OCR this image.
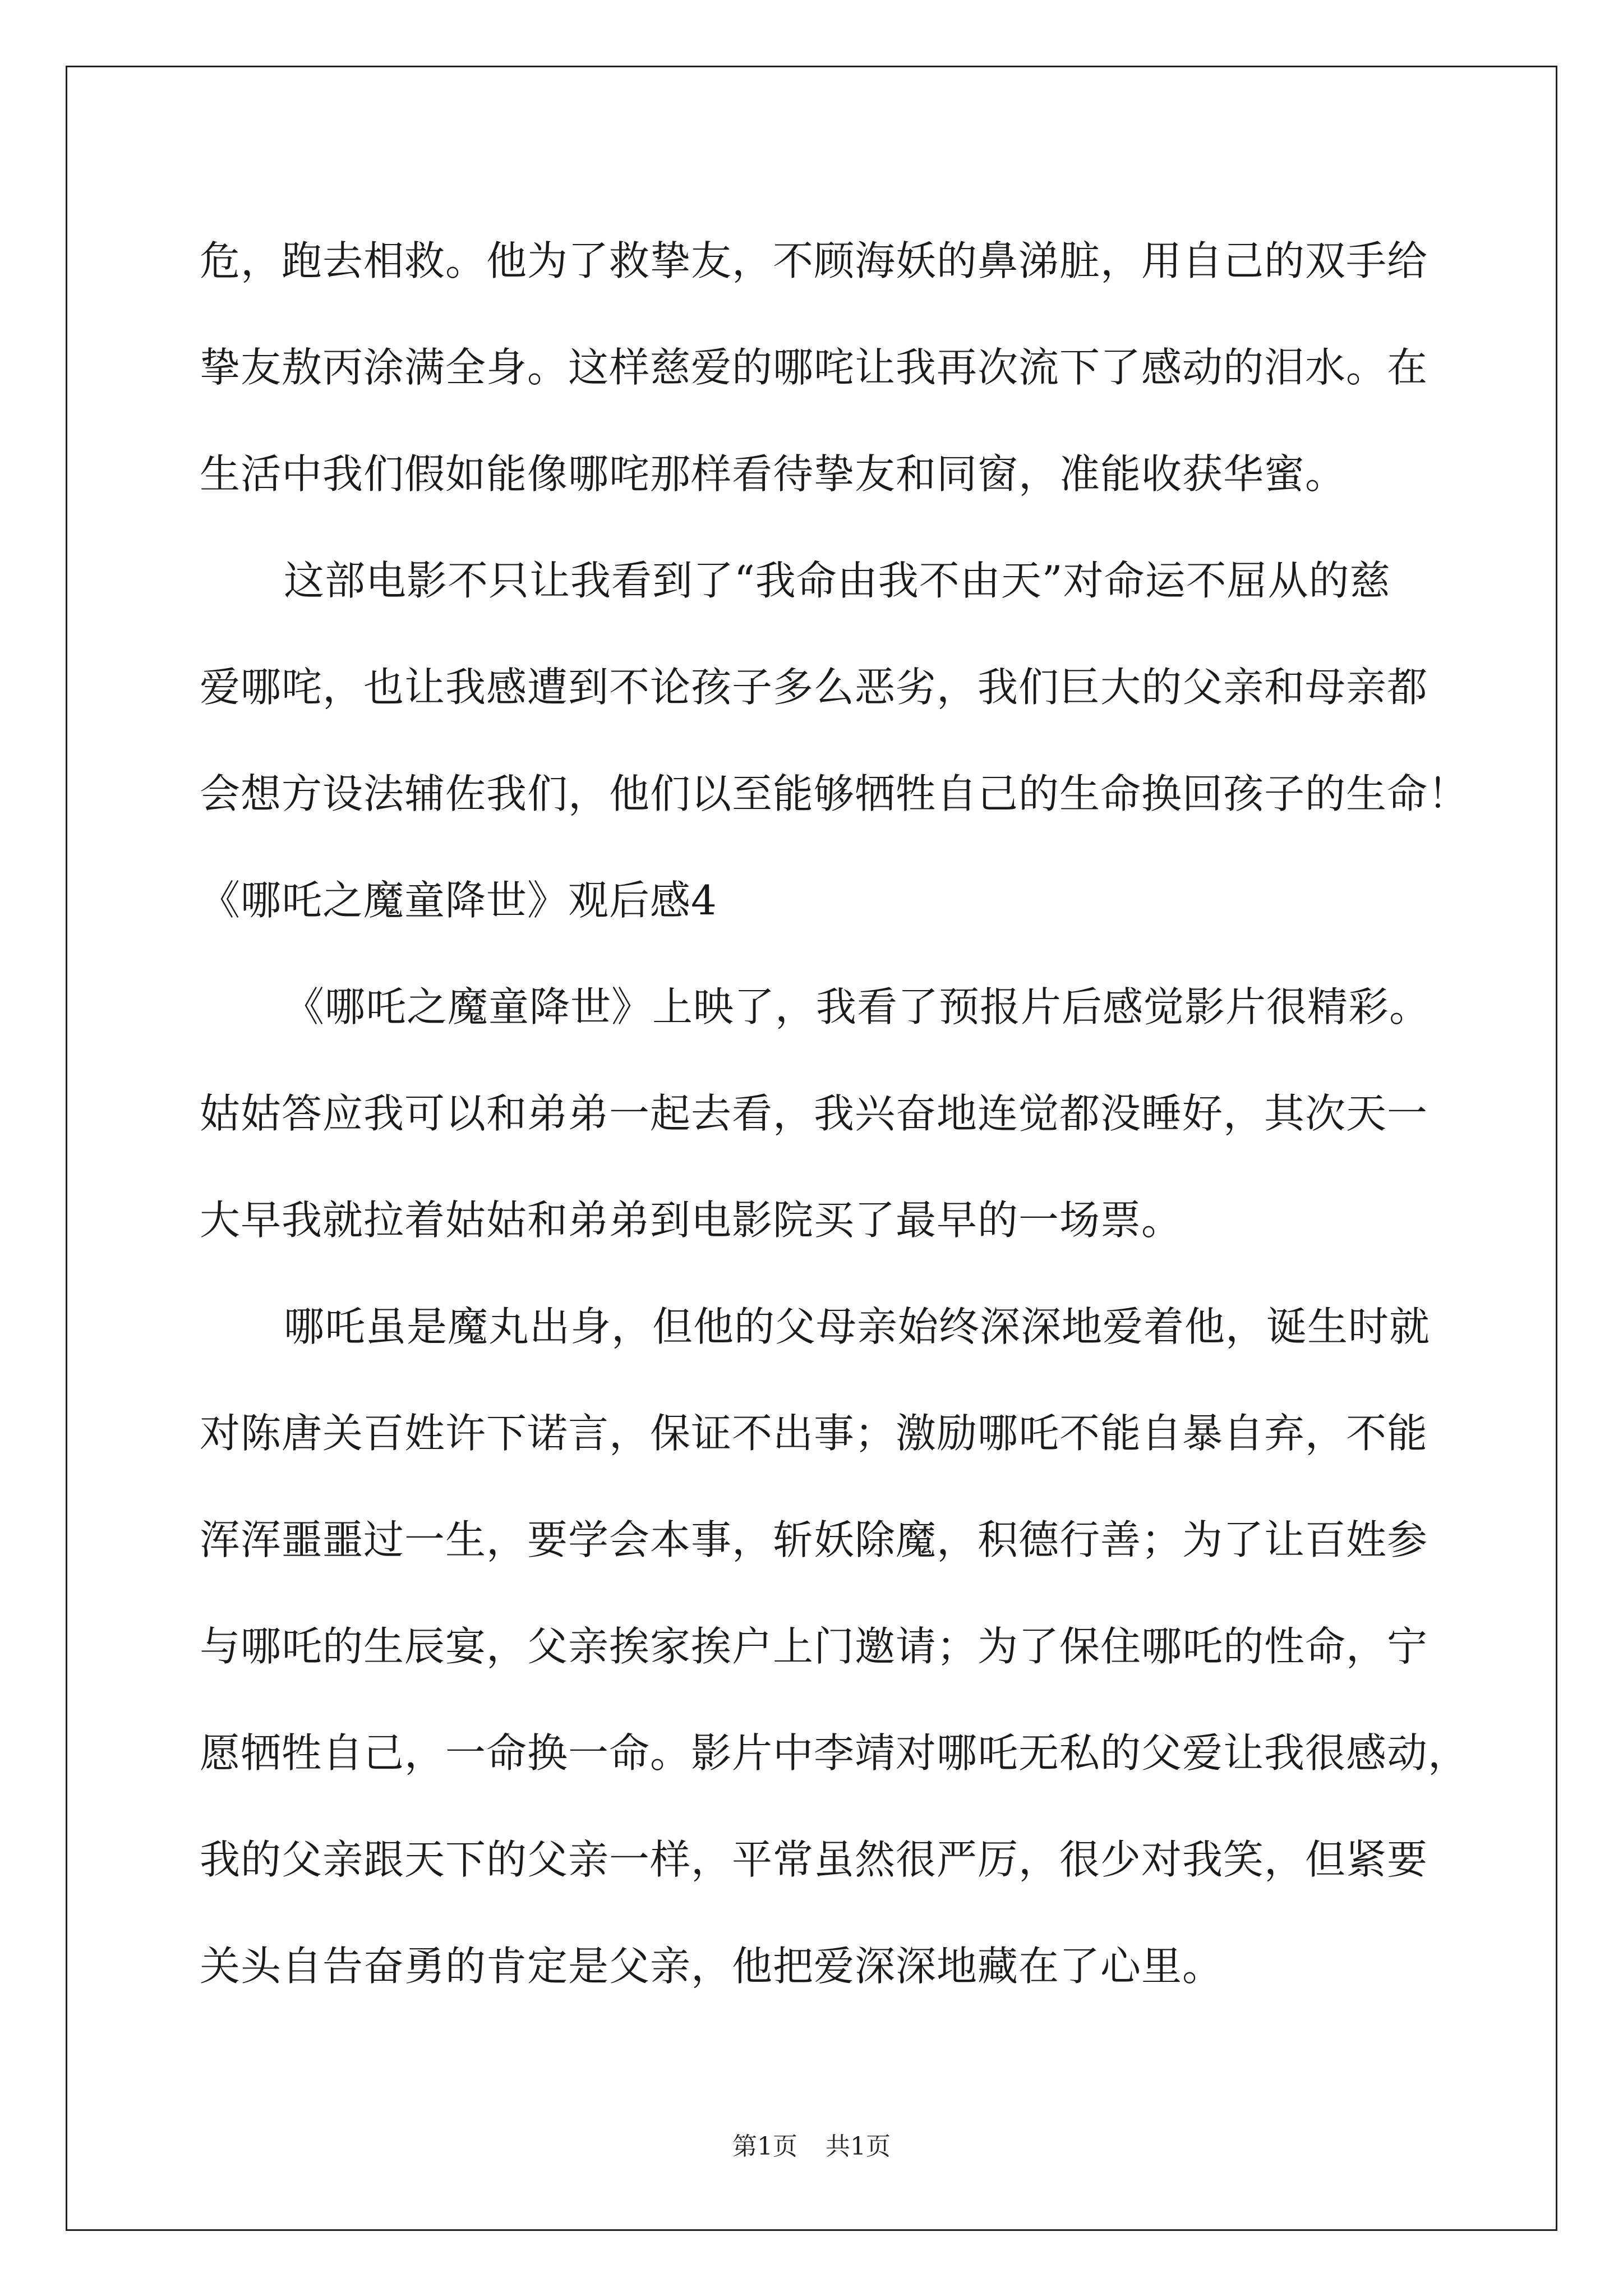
危，跑去相救。他为了救挚友，不顾海妖的鼻涕脏，用自己的双手给
挚友敖丙涂满全身。这样慈爱的哪咤让我再次流下了感动的泪水。在
生活中我们假如能像哪咤那样看待挚友和同窗，准能收获华蜜。
这部电影不只让我看到了“我命由我不由天”对命运不屈从的慈
爱哪咤，也让我感遭到不论孩子多么恶劣，我们巨大的父亲和母亲都
会想方设法辅佐我们，他们以至能够牺牲自己的生命换回孩子的生命！
《哪吒之魔童降世》观后感4
《哪吒之魔童降世》上映了，我看了预报片后感觉影片很精彩。
姑姑答应我可以和弟弟一起去看，我兴奋地连觉都没睡好，其次天一
大早我就拉着姑姑和弟弟到电影院买了最早的一场票。
哪吒虽是魔丸出身，但他的父母亲始终深深地爱着他，诞生时就
对陈唐关百姓许下诺言，保证不出事；激励哪吒不能自暴自弃，不能
浑浑噩噩过一生，要学会本事，斩妖除魔，积德行善；为了让百姓参
与哪吒的生辰宴，父亲挨家挨户上门邀请；为了保住哪吒的性命，宁
愿牺牲自己，一命换一命。影片中李靖对哪吒无私的父爱让我很感动，
我的父亲跟天下的父亲一样，平常虽然很严厉，很少对我笑，但紧要
关头自告奋勇的肯定是父亲，他把爱深深地藏在了心里。
第1页 共1页
